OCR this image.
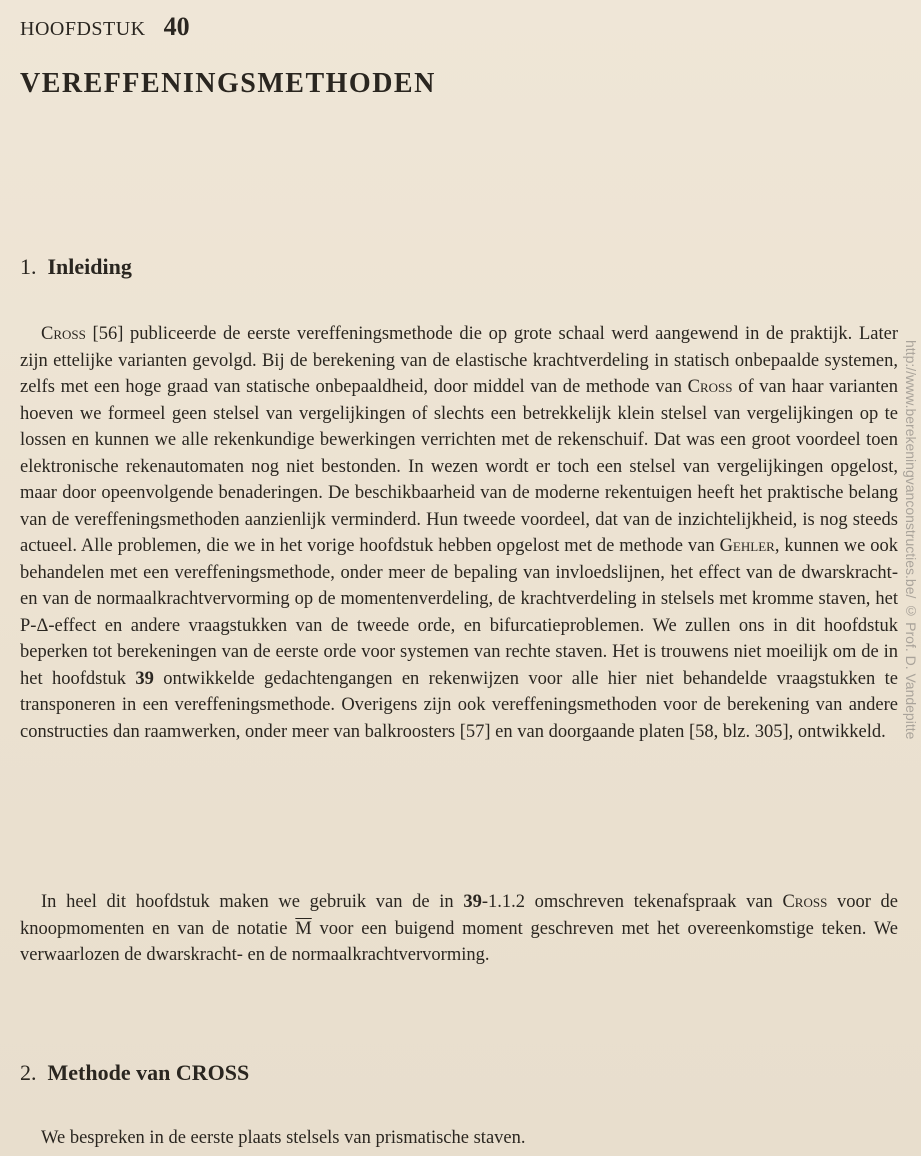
HOOFDSTUK 40
VEREFFENINGSMETHODEN
1. Inleiding

Cross [56] publiceerde de eerste vereffeningsmethode die op grote schaal werd aangewend in de praktijk. Later zijn ettelijke varianten gevolgd. Bij de berekening van de elastische krachtverdeling in statisch onbepaalde systemen, zelfs met een hoge graad van statische onbepaaldheid, door middel van de methode van Cross of van haar varianten hoeven we formeel geen stelsel van vergelijkingen of slechts een betrekkelijk klein stelsel van vergelijkingen op te lossen en kunnen we alle rekenkundige bewerkingen verrichten met de rekenschuif. Dat was een groot voordeel toen elektronische rekenautomaten nog niet bestonden. In wezen wordt er toch een stelsel van vergelijkingen opgelost, maar door opeenvolgende benaderingen. De beschikbaarheid van de moderne rekentuigen heeft het praktische belang van de vereffeningsmethoden aanzienlijk verminderd. Hun tweede voordeel, dat van de inzichtelijkheid, is nog steeds actueel. Alle problemen, die we in het vorige hoofdstuk hebben opgelost met de methode van Gehler, kunnen we ook behandelen met een vereffeningsmethode, onder meer de bepaling van invloedslijnen, het effect van de dwarskracht- en van de normaalkrachtvervorming op de momentenverdeling, de krachtverdeling in stelsels met kromme staven, het P-Δ-effect en andere vraagstukken van de tweede orde, en bifurcatieproblemen. We zullen ons in dit hoofdstuk beperken tot berekeningen van de eerste orde voor systemen van rechte staven. Het is trouwens niet moeilijk om de in het hoofdstuk 39 ontwikkelde gedachtengangen en rekenwijzen voor alle hier niet behandelde vraagstukken te transponeren in een vereffeningsmethode. Overigens zijn ook vereffeningsmethoden voor de berekening van andere constructies dan raamwerken, onder meer van balkroosters [57] en van doorgaande platen [58, blz. 305], ontwikkeld.

In heel dit hoofdstuk maken we gebruik van de in 39-1.1.2 omschreven tekenafspraak van Cross voor de knoopmomenten en van de notatie $\overline{M}$ voor een buigend moment geschreven met het overeenkomstige teken. We verwaarlozen de dwarskracht- en de normaalkrachtvervorming.

2. Methode van CROSS

We bespreken in de eerste plaats stelsels van prismatische staven.

http://www.berekeningvanconstructies.be/ © Prof. D. Vandepitte
